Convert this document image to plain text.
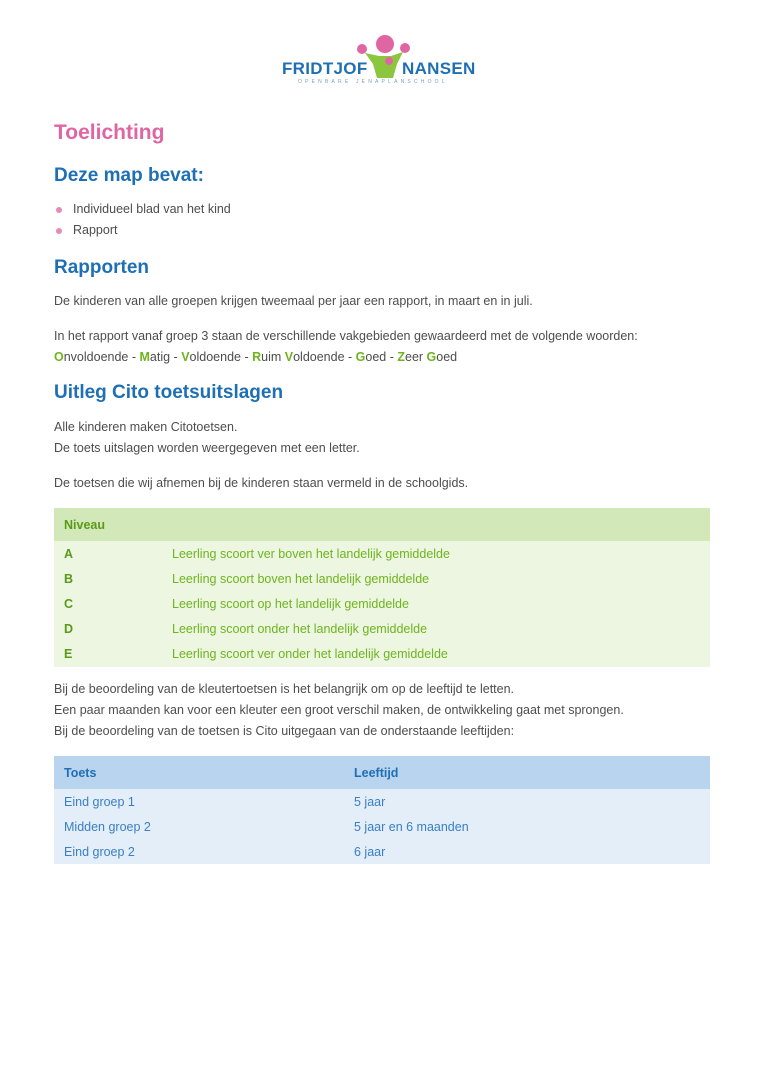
FRIDTJOF NANSEN
OPENBARE JENAPLANSCHOOL
Toelichting
Deze map bevat:
Individueel blad van het kind
Rapport
Rapporten

De kinderen van alle groepen krijgen tweemaal per jaar een rapport, in maart en in juli.

In het rapport vanaf groep 3 staan de verschillende vakgebieden gewaardeerd met de volgende woorden:

Onvoldoende - Matig - Voldoende - Ruim Voldoende - Goed - Zeer Goed
Uitleg Cito toetsuitslagen

Alle kinderen maken Citotoetsen.

De toets uitslagen worden weergegeven met een letter.

De toetsen die wij afnemen bij de kinderen staan vermeld in de schoolgids.

Niveau	
A	Leerling scoort ver boven het landelijk gemiddelde
B	Leerling scoort boven het landelijk gemiddelde
C	Leerling scoort op het landelijk gemiddelde
D	Leerling scoort onder het landelijk gemiddelde
E	Leerling scoort ver onder het landelijk gemiddelde

Bij de beoordeling van de kleutertoetsen is het belangrijk om op de leeftijd te letten.

Een paar maanden kan voor een kleuter een groot verschil maken, de ontwikkeling gaat met sprongen.

Bij de beoordeling van de toetsen is Cito uitgegaan van de onderstaande leeftijden:

Toets	Leeftijd
Eind groep 1	5 jaar
Midden groep 2	5 jaar en 6 maanden
Eind groep 2	6 jaar
